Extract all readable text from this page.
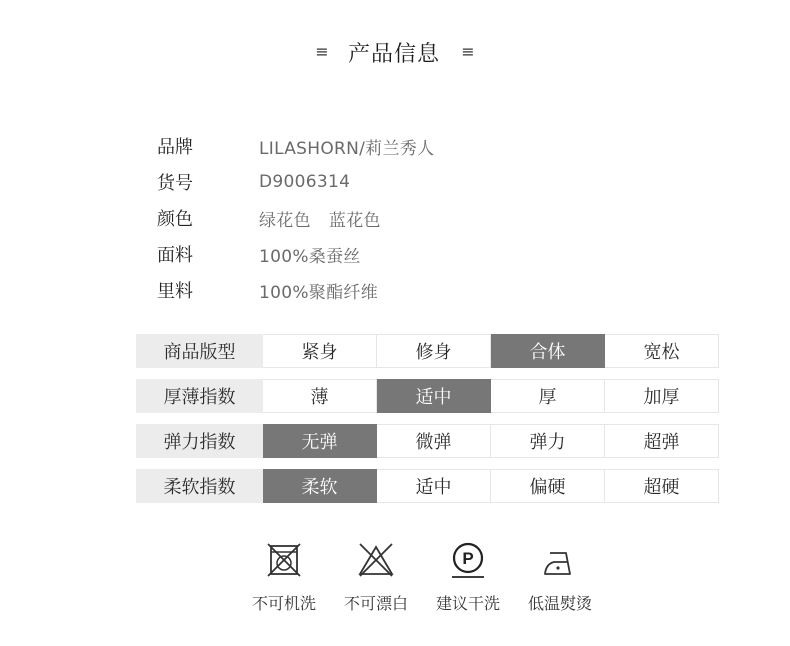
≡ 产品信息 ≡
品牌	LILASHORN/莉兰秀人
货号	D9006314
颜色	绿花色 蓝花色
面料	100%桑蚕丝
里料	100%聚酯纤维
商品版型	紧身	修身	合体	宽松
厚薄指数	薄	适中	厚	加厚
弹力指数	无弹	微弹	弹力	超弹
柔软指数	柔软	适中	偏硬	超硬
不可机洗 不可漂白
P
建议干洗 低温熨烫
